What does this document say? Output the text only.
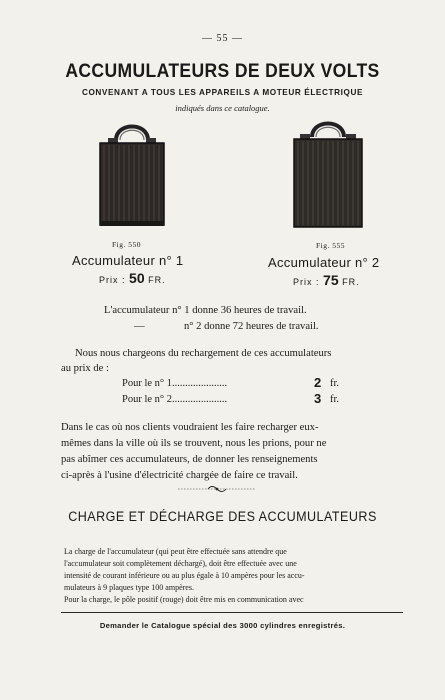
— 55 —
ACCUMULATEURS DE DEUX VOLTS
CONVENANT A TOUS LES APPAREILS A MOTEUR ÉLECTRIQUE
indiqués dans ce catalogue.
Fig. 550	Fig. 555
Accumulateur n° 1
Prix : 50 FR.
Accumulateur n° 2
Prix : 75 FR.
L'accumulateur n° 1 donne 36 heures de travail.
—	n° 2 donne 72 heures de travail.
Nous nous chargeons du rechargement de ces accumulateurs
au prix de :
Pour le n° 1.....................	2 fr.
Pour le n° 2.....................	3 fr.
Dans le cas où nos clients voudraient les faire recharger eux-
mêmes dans la ville où ils se trouvent, nous les prions, pour ne
pas abîmer ces accumulateurs, de donner les renseignements
ci-après à l'usine d'électricité chargée de faire ce travail.
CHARGE ET DÉCHARGE DES ACCUMULATEURS
La charge de l'accumulateur (qui peut être effectuée sans attendre que
l'accumulateur soit complètement déchargé), doit être effectuée avec une
intensité de courant inférieure ou au plus égale à 10 ampères pour les accu-
mulateurs à 9 plaques type 100 ampères.
Pour la charge, le pôle positif (rouge) doit être mis en communication avec
Demander le Catalogue spécial des 3000 cylindres enregistrés.
